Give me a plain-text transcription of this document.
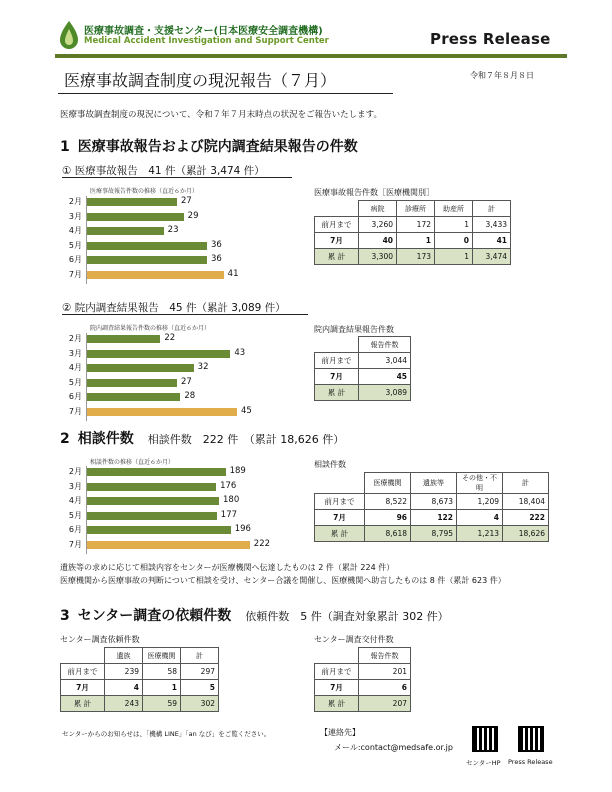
医療事故調査・支援センター(日本医療安全調査機構)
Medical Accident Investigation and Support Center	Press Release
医療事故調査制度の現況報告（７月）	令和７年８月８日
医療事故調査制度の現況について、令和７年７月末時点の状況をご報告いたします。
1 医療事故報告および院内調査結果報告の件数
① 医療事故報告　41 件（累計 3,474 件）
医療事故報告件数の推移（直近６か月）
2月	27
3月	29
4月	23
5月	36
6月	36
7月	41
医療事故報告件数［医療機関別］
	病院	診療所	助産所	計
前月まで	3,260	172	1	3,433
7月	40	1	0	41
累 計	3,300	173	1	3,474
② 院内調査結果報告　45 件（累計 3,089 件）
院内調査結果報告件数の推移（直近６か月）
2月	22
3月	43
4月	32
5月	27
6月	28
7月	45
院内調査結果報告件数
	報告件数
前月まで	3,044
7月	45
累 計	3,089
2 相談件数 相談件数　222 件　（累計 18,626 件）
相談件数の推移（直近６か月）
2月	189
3月	176
4月	180
5月	177
6月	196
7月	222
相談件数
	医療機関	遺族等	その他・不明	計
前月まで	8,522	8,673	1,209	18,404
7月	96	122	4	222
累 計	8,618	8,795	1,213	18,626
遺族等の求めに応じて相談内容をセンターが医療機関へ伝達したものは 2 件（累計 224 件）
医療機関から医療事故の判断について相談を受け、センター合議を開催し、医療機関へ助言したものは 8 件（累計 623 件）
3 センター調査の依頼件数 依頼件数　5 件（調査対象累計 302 件）
センター調査依頼件数
	遺族	医療機関	計
前月まで	239	58	297
7月	4	1	5
累 計	243	59	302
センター調査交付件数
	報告件数
前月まで	201
7月	6
累 計	207
センターからのお知らせは、「機構 LINE」「an なび」をご覧ください。	【連絡先】
メール:contact@medsafe.or.jp
センターHP Press Release
